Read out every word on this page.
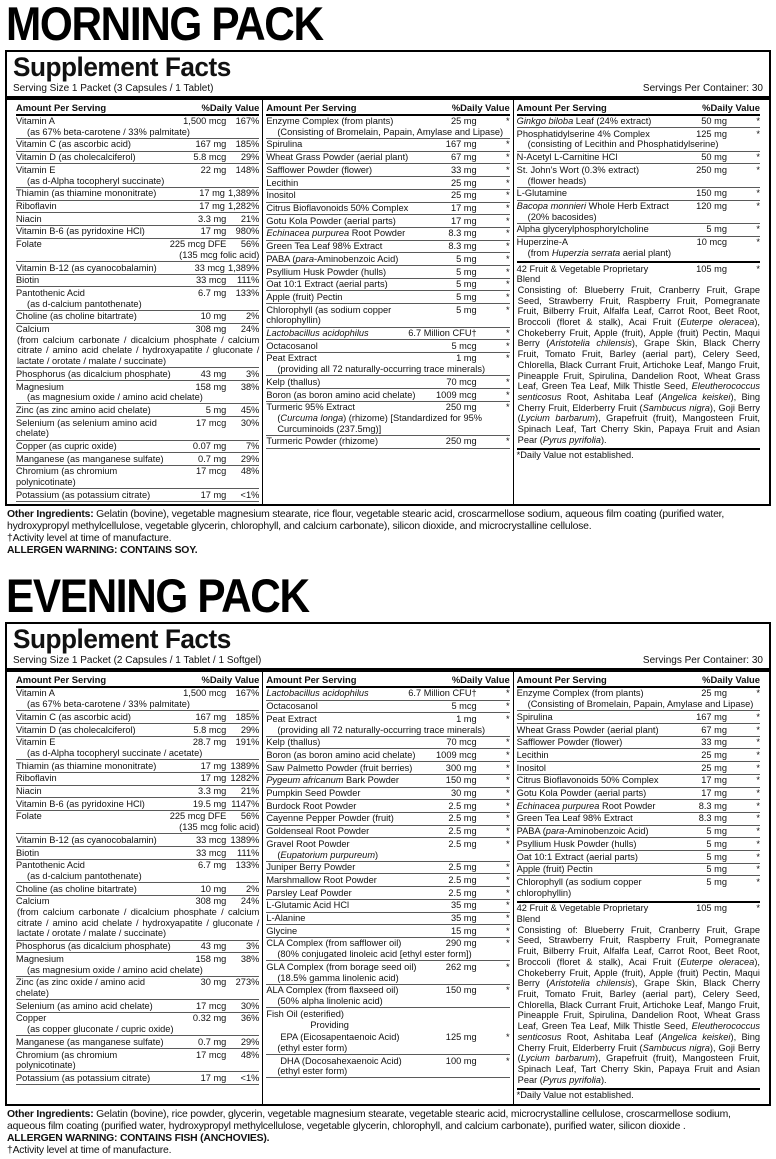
MORNING PACK
Supplement Facts
Serving Size 1 Packet (3 Capsules / 1 Tablet)	Servings Per Container: 30
Amount Per Serving	%Daily Value
Vitamin A	1,500 mcg	167%
(as 67% beta-carotene / 33% palmitate)
Vitamin C (as ascorbic acid)	167 mg	185%
Vitamin D (as cholecalciferol)	5.8 mcg	29%
Vitamin E	22 mg	148%
(as d-Alpha tocopheryl succinate)
Thiamin (as thiamine mononitrate)	17 mg 1,389%
Riboflavin	17 mg 1,282%
Niacin	3.3 mg	21%
Vitamin B-6 (as pyridoxine HCl)	17 mg	980%
Folate	225 mcg DFE	56%
(135 mcg folic acid)
Vitamin B-12 (as cyanocobalamin)	33 mcg 1,389%
Biotin	33 mcg	111%
Pantothenic Acid	6.7 mg	133%
(as d-calcium pantothenate)
Choline (as choline bitartrate)	10 mg	2%
Calcium	308 mg	24%
(from calcium carbonate / dicalcium phosphate / calcium citrate / amino acid chelate / hydroxyapatite / gluconate / lactate / orotate / malate / succinate)
Phosphorus (as dicalcium phosphate)	43 mg	3%
Magnesium	158 mg	38%
(as magnesium oxide / amino acid chelate)
Zinc (as zinc amino acid chelate)	5 mg	45%
Selenium (as selenium amino acid chelate)
17 mcg	30%
Copper (as cupric oxide)	0.07 mg	7%
Manganese (as manganese sulfate)	0.7 mg	29%
Chromium (as chromium polynicotinate)
17 mcg	48%
Potassium (as potassium citrate)	17 mg	<1%
Amount Per Serving	%Daily Value
Enzyme Complex (from plants)	25 mg	*
(Consisting of Bromelain, Papain, Amylase and Lipase)
Spirulina	167 mg	*
Wheat Grass Powder (aerial plant)	67 mg	*
Safflower Powder (flower)	33 mg	*
Lecithin	25 mg	*
Inositol	25 mg	*
Citrus Bioflavonoids 50% Complex	17 mg	*
Gotu Kola Powder (aerial parts)	17 mg	*
Echinacea purpurea Root Powder	8.3 mg	*
Green Tea Leaf 98% Extract	8.3 mg	*
PABA (para-Aminobenzoic Acid)	5 mg	*
Psyllium Husk Powder (hulls)	5 mg	*
Oat 10:1 Extract (aerial parts)	5 mg	*
Apple (fruit) Pectin	5 mg	*
Chlorophyll (as sodium copper chlorophyllin)
5 mg	*
Lactobacillus acidophilus	6.7 Million CFU†	*
Octacosanol	5 mcg	*
Peat Extract	1 mg	*
(providing all 72 naturally-occurring trace minerals)
Kelp (thallus)	70 mcg	*
Boron (as boron amino acid chelate)	1009 mcg	*
Turmeric 95% Extract	250 mg	*
(Curcuma longa) (rhizome) [Standardized for 95% Curcuminoids (237.5mg)]
Turmeric Powder (rhizome)	250 mg	*
Amount Per Serving	%Daily Value
Ginkgo biloba Leaf (24% extract)	50 mg	*
Phosphatidylserine 4% Complex	125 mg	*
(consisting of Lecithin and Phosphatidylserine)
N-Acetyl L-Carnitine HCl	50 mg	*
St. John's Wort (0.3% extract)	250 mg	*
(flower heads)
L-Glutamine	150 mg	*
Bacopa monnieri Whole Herb Extract	120 mg	*
(20% bacosides)
Alpha glycerylphosphorylcholine	5 mg	*
Huperzine-A	10 mcg	*
(from Huperzia serrata aerial plant)
42 Fruit & Vegetable Proprietary Blend
105 mg	*
Consisting of: Blueberry Fruit, Cranberry Fruit, Grape Seed, Strawberry Fruit, Raspberry Fruit, Pomegranate Fruit, Bilberry Fruit, Alfalfa Leaf, Carrot Root, Beet Root, Broccoli (floret & stalk), Acai Fruit (Euterpe oleracea), Chokeberry Fruit, Apple (fruit), Apple (fruit) Pectin, Maqui Berry (Aristotelia chilensis), Grape Skin, Black Cherry Fruit, Tomato Fruit, Barley (aerial part), Celery Seed, Chlorella, Black Currant Fruit, Artichoke Leaf, Mango Fruit, Pineapple Fruit, Spirulina, Dandelion Root, Wheat Grass Leaf, Green Tea Leaf, Milk Thistle Seed, Eleutherococcus senticosus Root, Ashitaba Leaf (Angelica keiskei), Bing Cherry Fruit, Elderberry Fruit (Sambucus nigra), Goji Berry (Lycium barbarum), Grapefruit (fruit), Mangosteen Fruit, Spinach Leaf, Tart Cherry Skin, Papaya Fruit and Asian Pear (Pyrus pyrifolia).
*Daily Value not established.

Other Ingredients: Gelatin (bovine), vegetable magnesium stearate, rice flour, vegetable stearic acid, croscarmellose sodium, aqueous film coating (purified water, hydroxypropyl methylcellulose, vegetable glycerin, chlorophyll, and calcium carbonate), silicon dioxide, and microcrystalline cellulose.

†Activity level at time of manufacture.

ALLERGEN WARNING: CONTAINS SOY.

EVENING PACK
Supplement Facts
Serving Size 1 Packet (2 Capsules / 1 Tablet / 1 Softgel)	Servings Per Container: 30
Amount Per Serving	%Daily Value
Vitamin A	1,500 mcg	167%
(as 67% beta-carotene / 33% palmitate)
Vitamin C (as ascorbic acid)	167 mg	185%
Vitamin D (as cholecalciferol)	5.8 mcg	29%
Vitamin E	28.7 mg	191%
(as d-Alpha tocopheryl succinate / acetate)
Thiamin (as thiamine mononitrate)	17 mg 1389%
Riboflavin	17 mg 1282%
Niacin	3.3 mg	21%
Vitamin B-6 (as pyridoxine HCl)	19.5 mg 1147%
Folate	225 mcg DFE	56%
(135 mcg folic acid)
Vitamin B-12 (as cyanocobalamin)	33 mcg 1389%
Biotin	33 mcg	111%
Pantothenic Acid	6.7 mg	133%
(as d-calcium pantothenate)
Choline (as choline bitartrate)	10 mg	2%
Calcium	308 mg	24%
(from calcium carbonate / dicalcium phosphate / calcium citrate / amino acid chelate / hydroxyapatite / gluconate / lactate / orotate / malate / succinate)
Phosphorus (as dicalcium phosphate)	43 mg	3%
Magnesium	158 mg	38%
(as magnesium oxide / amino acid chelate)
Zinc (as zinc oxide / amino acid chelate)
30 mg	273%
Selenium (as amino acid chelate)	17 mcg	30%
Copper	0.32 mg	36%
(as copper gluconate / cupric oxide)
Manganese (as manganese sulfate)	0.7 mg	29%
Chromium (as chromium polynicotinate)
17 mcg	48%
Potassium (as potassium citrate)	17 mg	<1%
Amount Per Serving	%Daily Value
Lactobacillus acidophilus	6.7 Million CFU†	*
Octacosanol	5 mcg	*
Peat Extract	1 mg	*
(providing all 72 naturally-occurring trace minerals)
Kelp (thallus)	70 mcg	*
Boron (as boron amino acid chelate)	1009 mcg	*
Saw Palmetto Powder (fruit berries)	300 mg	*
Pygeum africanum Bark Powder	150 mg	*
Pumpkin Seed Powder	30 mg	*
Burdock Root Powder	2.5 mg	*
Cayenne Pepper Powder (fruit)	2.5 mg	*
Goldenseal Root Powder	2.5 mg	*
Gravel Root Powder	2.5 mg	*
(Eupatorium purpureum)
Juniper Berry Powder	2.5 mg	*
Marshmallow Root Powder	2.5 mg	*
Parsley Leaf Powder	2.5 mg	*
L-Glutamic Acid HCl	35 mg	*
L-Alanine	35 mg	*
Glycine	15 mg	*
CLA Complex (from safflower oil)	290 mg	*
(80% conjugated linoleic acid [ethyl ester form])
GLA Complex (from borage seed oil)	262 mg	*
(18.5% gamma linolenic acid)
ALA Complex (from flaxseed oil)	150 mg	*
(50% alpha linolenic acid)
Fish Oil (esterified)
Providing
EPA (Eicosapentaenoic Acid)	125 mg	*
(ethyl ester form)
DHA (Docosahexaenoic Acid)	100 mg	*
(ethyl ester form)
Amount Per Serving	%Daily Value
Enzyme Complex (from plants)	25 mg	*
(Consisting of Bromelain, Papain, Amylase and Lipase)
Spirulina	167 mg	*
Wheat Grass Powder (aerial plant)	67 mg	*
Safflower Powder (flower)	33 mg	*
Lecithin	25 mg	*
Inositol	25 mg	*
Citrus Bioflavonoids 50% Complex	17 mg	*
Gotu Kola Powder (aerial parts)	17 mg	*
Echinacea purpurea Root Powder	8.3 mg	*
Green Tea Leaf 98% Extract	8.3 mg	*
PABA (para-Aminobenzoic Acid)	5 mg	*
Psyllium Husk Powder (hulls)	5 mg	*
Oat 10:1 Extract (aerial parts)	5 mg	*
Apple (fruit) Pectin	5 mg	*
Chlorophyll (as sodium copper chlorophyllin)
5 mg	*
42 Fruit & Vegetable Proprietary Blend
105 mg	*
Consisting of: Blueberry Fruit, Cranberry Fruit, Grape Seed, Strawberry Fruit, Raspberry Fruit, Pomegranate Fruit, Bilberry Fruit, Alfalfa Leaf, Carrot Root, Beet Root, Broccoli (floret & stalk), Acai Fruit (Euterpe oleracea), Chokeberry Fruit, Apple (fruit), Apple (fruit) Pectin, Maqui Berry (Aristotelia chilensis), Grape Skin, Black Cherry Fruit, Tomato Fruit, Barley (aerial part), Celery Seed, Chlorella, Black Currant Fruit, Artichoke Leaf, Mango Fruit, Pineapple Fruit, Spirulina, Dandelion Root, Wheat Grass Leaf, Green Tea Leaf, Milk Thistle Seed, Eleutherococcus senticosus Root, Ashitaba Leaf (Angelica keiskei), Bing Cherry Fruit, Elderberry Fruit (Sambucus nigra), Goji Berry (Lycium barbarum), Grapefruit (fruit), Mangosteen Fruit, Spinach Leaf, Tart Cherry Skin, Papaya Fruit and Asian Pear (Pyrus pyrifolia).
*Daily Value not established.

Other Ingredients: Gelatin (bovine), rice powder, glycerin, vegetable magnesium stearate, vegetable stearic acid, microcrystalline cellulose, croscarmellose sodium, aqueous film coating (purified water, hydroxypropyl methylcellulose, vegetable glycerin, chlorophyll, and calcium carbonate), purified water, silicon dioxide .

ALLERGEN WARNING: CONTAINS FISH (ANCHOVIES).

†Activity level at time of manufacture.
